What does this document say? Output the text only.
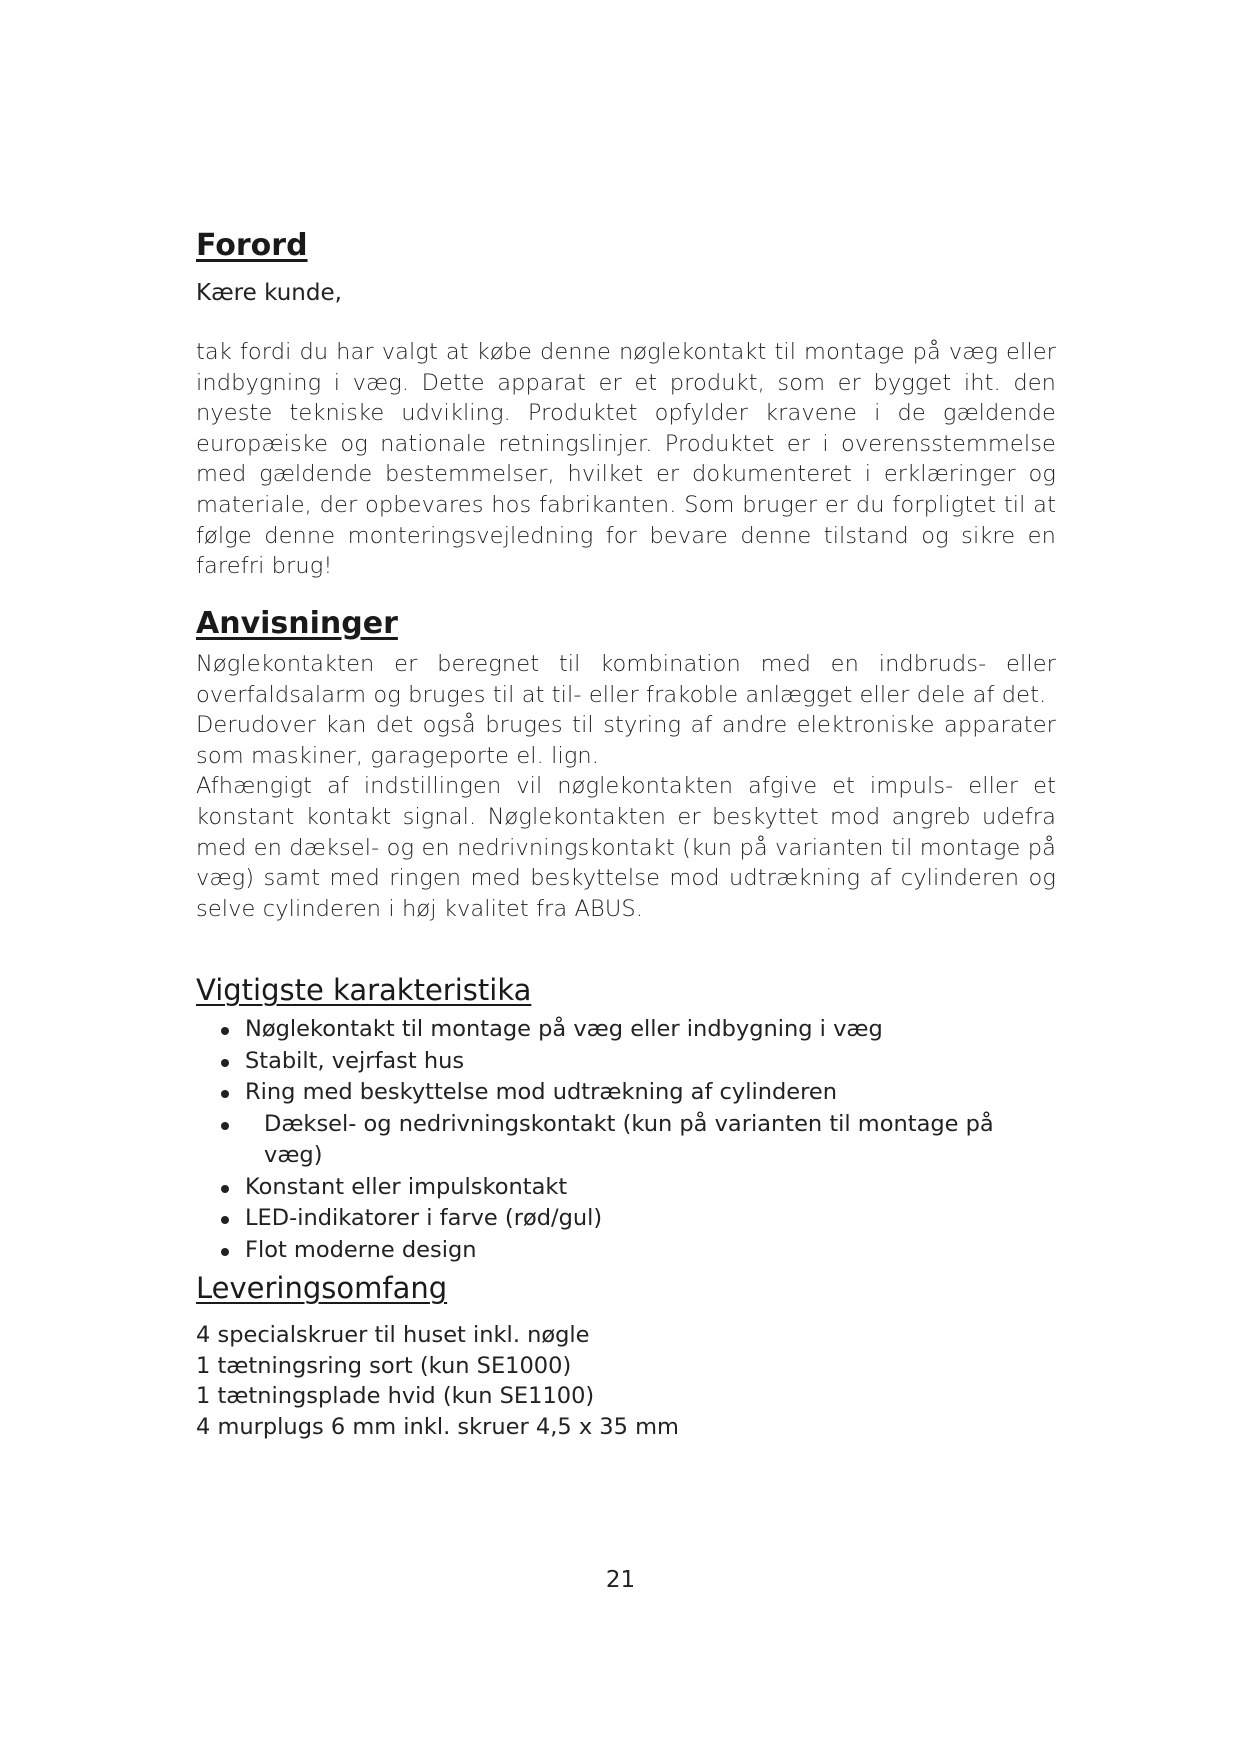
Forord

Kære kunde,

tak fordi du har valgt at købe denne nøglekontakt til montage på væg eller indbygning i væg. Dette apparat er et produkt, som er bygget iht. den nyeste tekniske udvikling. Produktet opfylder kravene i de gældende europæiske og nationale retningslinjer. Produktet er i overensstemmelse med gældende bestemmelser, hvilket er dokumenteret i erklæringer og materiale, der opbevares hos fabrikanten. Som bruger er du forpligtet til at følge denne monteringsvejledning for bevare denne tilstand og sikre en farefri brug!

Anvisninger

Nøglekontakten er beregnet til kombination med en indbruds- eller overfaldsalarm og bruges til at til- eller frakoble anlægget eller dele af det.

Derudover kan det også bruges til styring af andre elektroniske apparater som maskiner, garageporte el. lign.

Afhængigt af indstillingen vil nøglekontakten afgive et impuls- eller et konstant kontakt signal. Nøglekontakten er beskyttet mod angreb udefra med en dæksel- og en nedrivningskontakt (kun på varianten til montage på væg) samt med ringen med beskyttelse mod udtrækning af cylinderen og selve cylinderen i høj kvalitet fra ABUS.

Vigtigste karakteristika
Nøglekontakt til montage på væg eller indbygning i væg
Stabilt, vejrfast hus
Ring med beskyttelse mod udtrækning af cylinderen
Dæksel- og nedrivningskontakt (kun på varianten til montage på væg)
Konstant eller impulskontakt
LED-indikatorer i farve (rød/gul)
Flot moderne design
Leveringsomfang
4 specialskruer til huset inkl. nøgle
1 tætningsring sort (kun SE1000)
1 tætningsplade hvid (kun SE1100)
4 murplugs 6 mm inkl. skruer 4,5 x 35 mm
21
